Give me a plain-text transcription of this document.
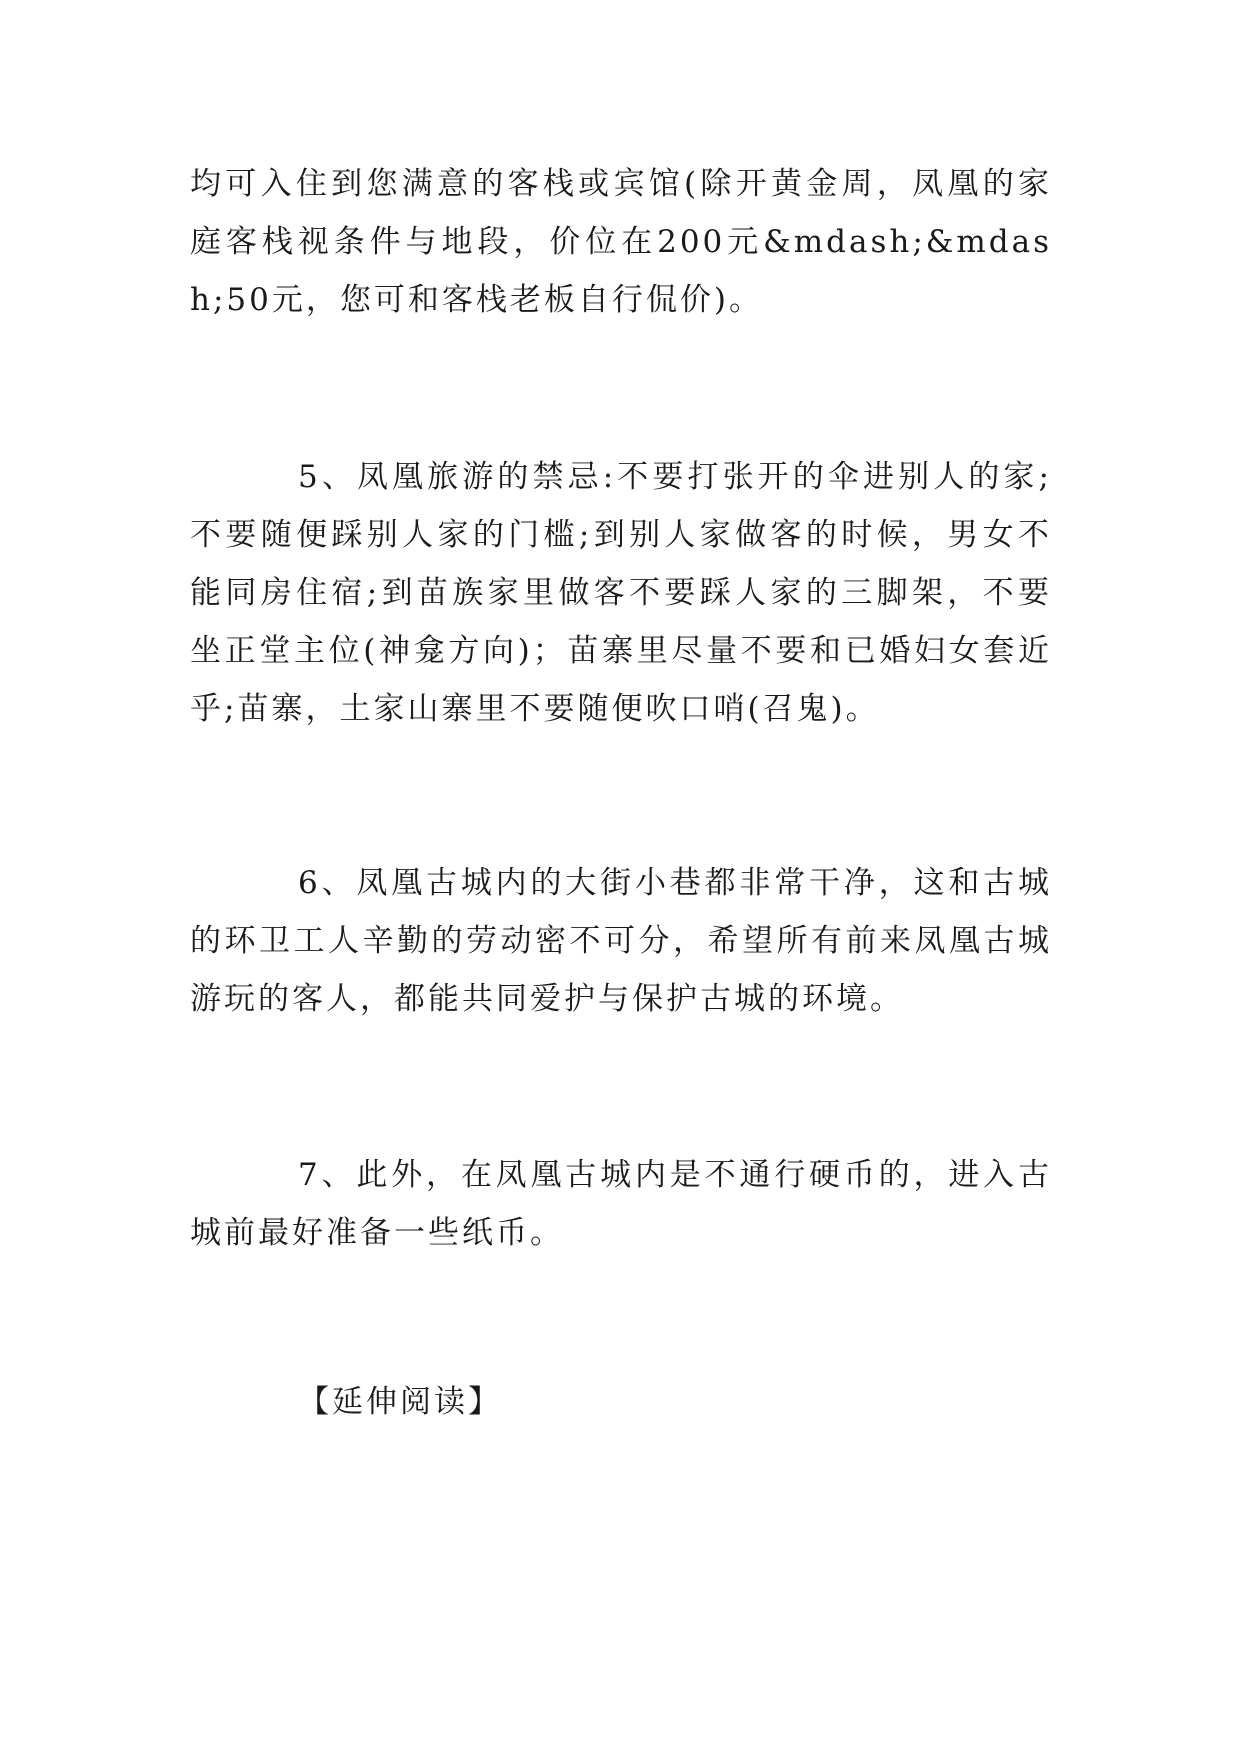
均可入住到您满意的客栈或宾馆(除开黄金周，凤凰的家庭客栈视条件与地段，价位在200元&mdash;&mdash;50元，您可和客栈老板自行侃价)。

5、凤凰旅游的禁忌:不要打张开的伞进别人的家;不要随便踩别人家的门槛;到别人家做客的时候，男女不能同房住宿;到苗族家里做客不要踩人家的三脚架，不要坐正堂主位(神龛方向)；苗寨里尽量不要和已婚妇女套近乎;苗寨，土家山寨里不要随便吹口哨(召鬼)。

6、凤凰古城内的大街小巷都非常干净，这和古城的环卫工人辛勤的劳动密不可分，希望所有前来凤凰古城游玩的客人，都能共同爱护与保护古城的环境。

7、此外，在凤凰古城内是不通行硬币的，进入古城前最好准备一些纸币。

【延伸阅读】
